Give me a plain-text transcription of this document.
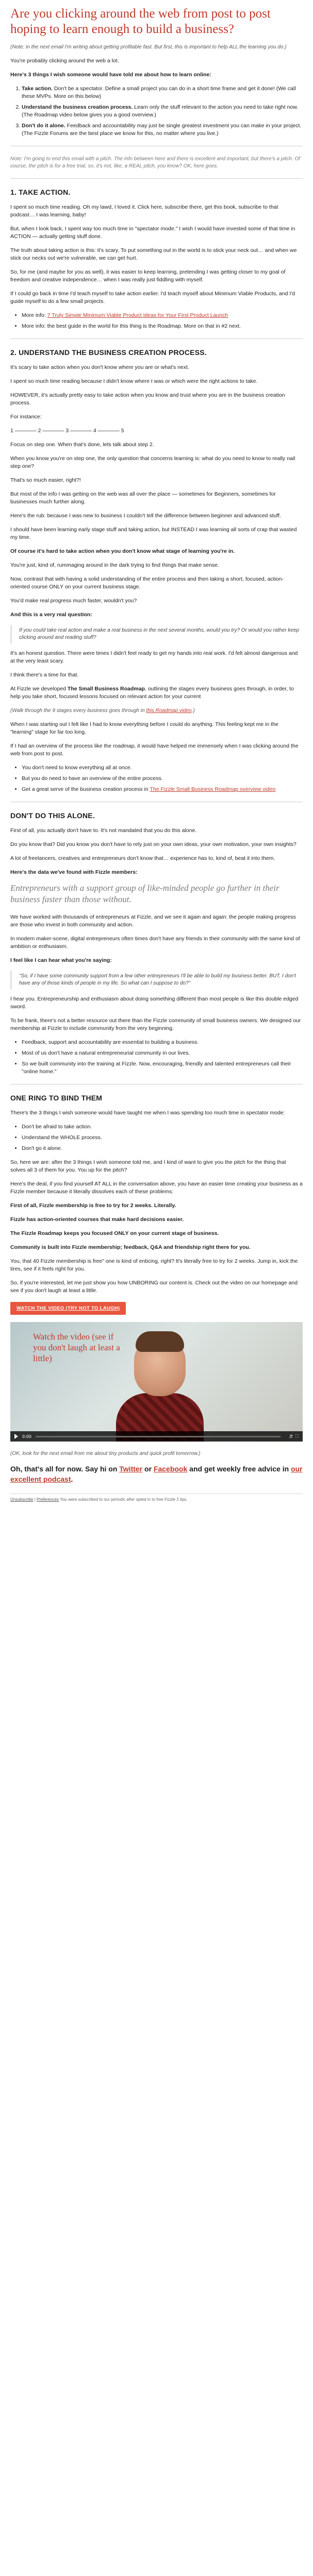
Are you clicking around the web from post to post hoping to learn enough to build a business?

(Note: in the next email I'm writing about getting profitable fast. But first, this is important to help ALL the learning you do.)

You're probably clicking around the web a lot.

Here's 3 things I wish someone would have told me about how to learn online:

1. Take action. Don't be a spectator. Define a small project you can do in a short time frame and get it done! (We call these MVPs. More on this below)
2. Understand the business creation process. Learn only the stuff relevant to the action you need to take right now. (The Roadmap video below gives you a good overview.)
3. Don't do it alone. Feedback and accountability may just be single greatest investment you can make in your project. (The Fizzle Forums are the best place we know for this, no matter where you live.)

Note: I'm going to end this email with a pitch. The info between here and there is excellent and important, but there's a pitch. Of course, the pitch is for a free trial, so, it's not, like, a REAL pitch, you know? OK, here goes.

1. TAKE ACTION.

I spent so much time reading. Oh my lawd, I loved it. Click here, subscribe there, get this book, subscribe to that podcast… I was learning, baby!

But, when I look back, I spent way too much time in "spectator mode." I wish I would have invested some of that time in ACTION — actually getting stuff done.

The truth about taking action is this: it's scary. To put something out in the world is to stick your neck out… and when we stick our necks out we're vulnerable, we can get hurt.

So, for me (and maybe for you as well), it was easier to keep learning, pretending I was getting closer to my goal of freedom and creative independence… when I was really just fiddling with myself.

If I could go back in time I'd teach myself to take action earlier. I'd teach myself about Minimum Viable Products, and I'd guide myself to do a few small projects.

• More info: 7 Truly Simple Minimum Viable Product Ideas for Your First Product Launch
• More info: the best guide in the world for this thing is the Roadmap. More on that in #2 next.
2. UNDERSTAND THE BUSINESS CREATION PROCESS.

It's scary to take action when you don't know where you are or what's next.

I spent so much time reading because I didn't know where I was or which were the right actions to take.

HOWEVER, it's actually pretty easy to take action when you know and trust where you are in the business creation process.

For instance:

1 ———— 2 ———— 3 ———— 4 ———— 5

Focus on step one. When that's done, lets talk about step 2.

When you know you're on step one, the only question that concerns learning is: what do you need to know to really nail step one?

That's so much easier, right?!

But most of the info I was getting on the web was all over the place — sometimes for Beginners, sometimes for businesses much further along.

Here's the rub: because I was new to business I couldn't tell the difference between beginner and advanced stuff.

I should have been learning early stage stuff and taking action, but INSTEAD I was learning all sorts of crap that wasted my time.

Of course it's hard to take action when you don't know what stage of learning you're in.

You're just, kind of, rummaging around in the dark trying to find things that make sense.

Now, contrast that with having a solid understanding of the entire process and then taking a short, focused, action-oriented course ONLY on your current business stage.

You'd make real progress much faster, wouldn't you?

And this is a very real question:

If you could take real action and make a real business in the next several months, would you try? Or would you rather keep clicking around and reading stuff?

It's an honest question. There were times I didn't feel ready to get my hands into real work. I'd felt almost dangerous and at the very least scary.

I think there's a time for that.

At Fizzle we developed The Small Business Roadmap, outlining the stages every business goes through, in order, to help you take short, focused lessons focused on relevant action for your current

(Walk through the 9 stages every business goes through in this Roadmap video.)

When I was starting out I felt like I had to know everything before I could do anything. This feeling kept me in the "learning" stage for far too long.

If I had an overview of the process like the roadmap, it would have helped me immensely when I was clicking around the web from post to post.

• You don't need to know everything all at once.
• But you do need to have an overview of the entire process.
• Get a great serve of the business creation process in The Fizzle Small Business Roadmap overview video
DON'T DO THIS ALONE.

First of all, you actually don't have to. It's not mandated that you do this alone.

Do you know that? Did you know you don't have to rely just on your own ideas, your own motivation, your own insights?

A lot of freelancers, creatives and entrepreneurs don't know that… experience has to, kind of, beat it into them.

Here's the data we've found with Fizzle members:

Entrepreneurs with a support group of like-minded people go further in their business faster than those without.

We have worked with thousands of entrepreneurs at Fizzle, and we see it again and again: the people making progress are those who invest in both community and action.

In modern maker-scene, digital entrepreneurs often times don't have any friends in their community with the same kind of ambition or enthusiasm.

I feel like I can hear what you're saying:

"So, if I have some community support from a few other entrepreneurs I'll be able to build my business better. BUT, I don't have any of those kinds of people in my life. So what can I suppose to do?"

I hear you. Entrepreneurship and enthusiasm about doing something different than most people is like this double edged sword.

To be frank, there's not a better resource out there than the Fizzle community of small business owners. We designed our membership at Fizzle to include community from the very beginning.

• Feedback, support and accountability are essential to building a business.
• Most of us don't have a natural entrepreneurial community in our lives.
• So we built community into the training at Fizzle. Now, encouraging, friendly and talented entrepreneurs call their "online home."
ONE RING TO BIND THEM

There's the 3 things I wish someone would have taught me when I was spending too much time in spectator mode:

• Don't be afraid to take action.
• Understand the WHOLE process.
• Don't go it alone.

So, here we are: after the 3 things I wish someone told me, and I kind of want to give you the pitch for the thing that solves all 3 of them for you. You up for the pitch?

Here's the deal, if you find yourself AT ALL in the conversation above, you have an easier time creating your business as a Fizzle member because it literally dissolves each of these problems:

First of all, Fizzle membership is free to try for 2 weeks. Literally.

Fizzle has action-oriented courses that make hard decisions easier.

The Fizzle Roadmap keeps you focused ONLY on your current stage of business.

Community is built into Fizzle membership; feedback, Q&A and friendship right there for you.

You, that 40 Fizzle membership is free" one is kind of enticing, right? It's literally free to try for 2 weeks. Jump in, kick the tires, see if it feels right for you.

So, if you're interested, let me just show you how UNBORING our content is. Check out the video on our homepage and see if you don't laugh at least a little.

WATCH THE VIDEO (TRY NOT TO LAUGH)
Watch the video (see if you don't laugh at least a little)
0:00	♬ ⛶

(OK, look for the next email from me about tiny products and quick profit tomorrow.)

Oh, that's all for now. Say hi on Twitter or Facebook and get weekly free advice in our excellent podcast.

Unsubscribe | Preferences You were subscribed to our periodic after opted in to free Fizzle 2 tips.
